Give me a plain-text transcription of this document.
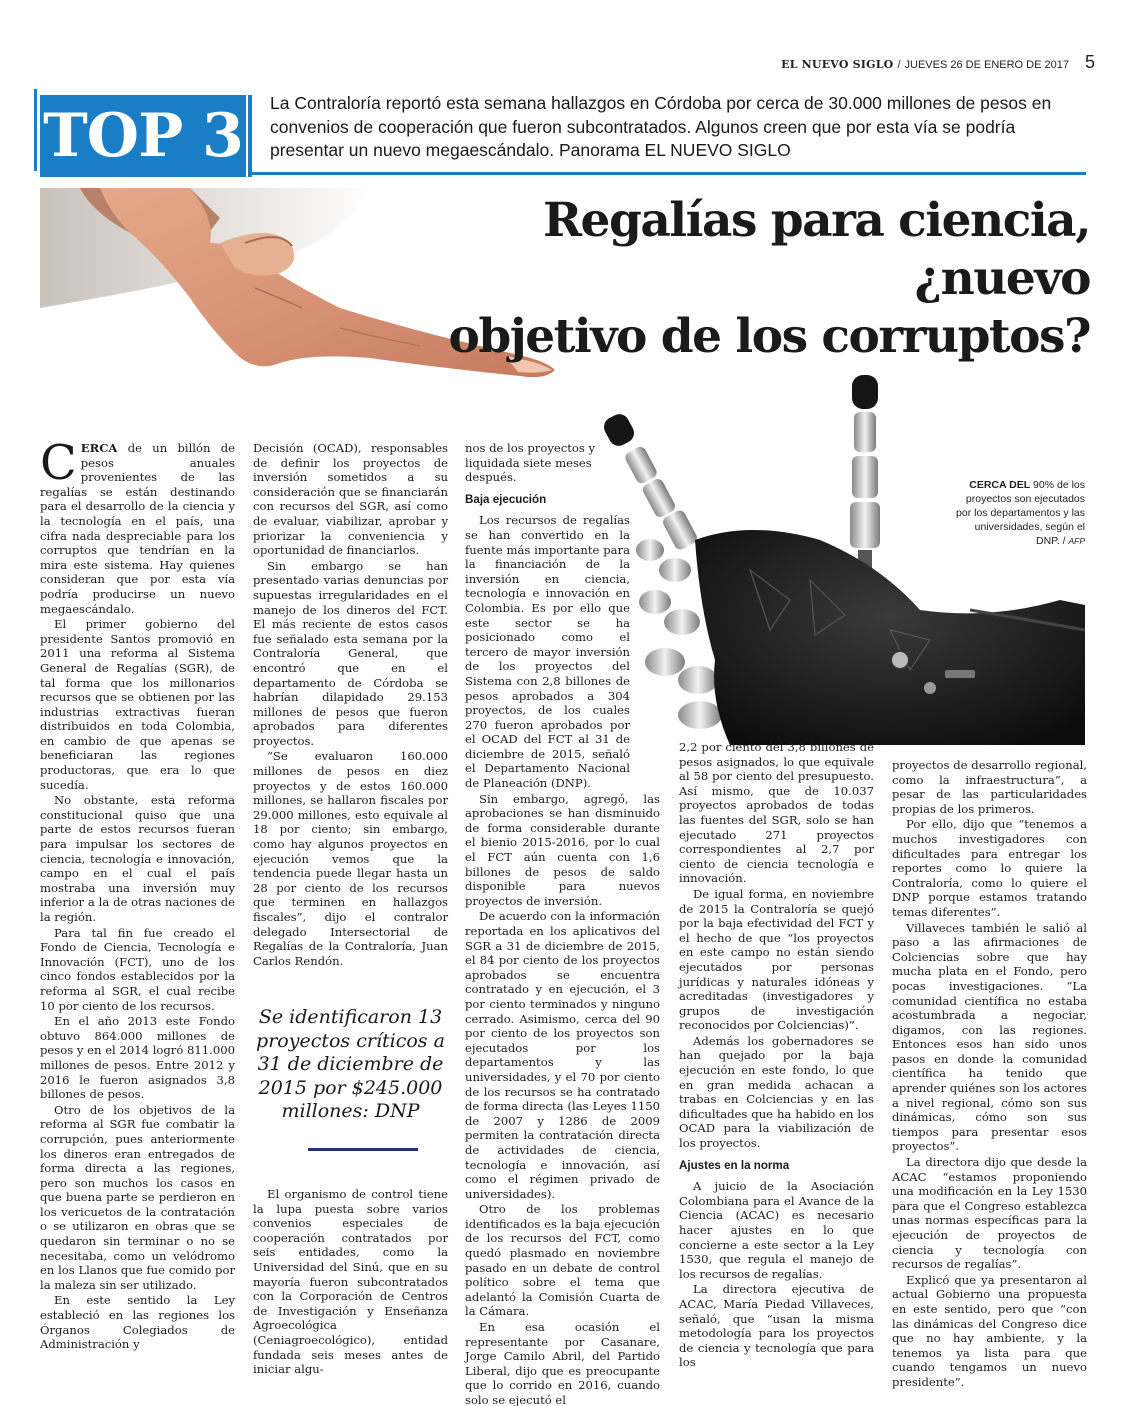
EL NUEVO SIGLO / JUEVES 26 DE ENERO DE 2017 5
TOP 3 La Contraloría reportó esta semana hallazgos en Córdoba por cerca de 30.000 millones de pesos en convenios de cooperación que fueron subcontratados. Algunos creen que por esta vía se podría presentar un nuevo megaescándalo. Panorama EL NUEVO SIGLO
Regalías para ciencia, ¿nuevo
objetivo de los corruptos?
CERCA DEL 90% de los proyectos son ejecutados por los departamentos y las universidades, según el DNP. / AFP

CERCA de un billón de pesos anuales provenientes de las regalías se están destinando para el desarrollo de la ciencia y la tecnología en el país, una cifra nada despreciable para los corruptos que tendrían en la mira este sistema. Hay quienes consideran que por esta vía podría producirse un nuevo megaescándalo.

El primer gobierno del presidente Santos promovió en 2011 una reforma al Sistema General de Regalías (SGR), de tal forma que los millonarios recursos que se obtienen por las industrias extractivas fueran distribuidos en toda Colombia, en cambio de que apenas se beneficiaran las regiones productoras, que era lo que sucedía.

No obstante, esta reforma constitucional quiso que una parte de estos recursos fueran para impulsar los sectores de ciencia, tecnología e innovación, campo en el cual el país mostraba una inversión muy inferior a la de otras naciones de la región.

Para tal fin fue creado el Fondo de Ciencia, Tecnología e Innovación (FCT), uno de los cinco fondos establecidos por la reforma al SGR, el cual recibe 10 por ciento de los recursos.

En el año 2013 este Fondo obtuvo 864.000 millones de pesos y en el 2014 logró 811.000 millones de pesos. Entre 2012 y 2016 le fueron asignados 3,8 billones de pesos.

Otro de los objetivos de la reforma al SGR fue combatir la corrupción, pues anteriormente los dineros eran entregados de forma directa a las regiones, pero son muchos los casos en que buena parte se perdieron en los vericuetos de la contratación o se utilizaron en obras que se quedaron sin terminar o no se necesitaba, como un velódromo en los Llanos que fue comido por la maleza sin ser utilizado.

En este sentido la Ley estableció en las regiones los Órganos Colegiados de Administración y

Decisión (OCAD), responsables de definir los proyectos de inversión sometidos a su consideración que se financiarán con recursos del SGR, así como de evaluar, viabilizar, aprobar y priorizar la conveniencia y oportunidad de financiarlos.

Sin embargo se han presentado varias denuncias por supuestas irregularidades en el manejo de los dineros del FCT. El más reciente de estos casos fue señalado esta semana por la Contraloría General, que encontró que en el departamento de Córdoba se habrían dilapidado 29.153 millones de pesos que fueron aprobados para diferentes proyectos.

“Se evaluaron 160.000 millones de pesos en diez proyectos y de estos 160.000 millones, se hallaron fiscales por 29.000 millones, esto equivale al 18 por ciento; sin embargo, como hay algunos proyectos en ejecución vemos que la tendencia puede llegar hasta un 28 por ciento de los recursos que terminen en hallazgos fiscales”, dijo el contralor delegado Intersectorial de Regalías de la Contraloría, Juan Carlos Rendón.

Se identificaron 13 proyectos críticos a 31 de diciembre de 2015 por $245.000 millones: DNP

El organismo de control tiene la lupa puesta sobre varios convenios especiales de cooperación contratados por seis entidades, como la Universidad del Sinú, que en su mayoría fueron subcontratados con la Corporación de Centros de Investigación y Enseñanza Agroecológica (Ceniagroecológico), entidad fundada seis meses antes de iniciar algu-

nos de los proyectos y liquidada siete meses después.

Baja ejecución

Los recursos de regalías se han convertido en la fuente más importante para la financiación de la inversión en ciencia, tecnología e innovación en Colombia. Es por ello que este sector se ha posicionado como el tercero de mayor inversión de los proyectos del Sistema con 2,8 billones de pesos aprobados a 304 proyectos, de los cuales 270 fueron aprobados por el OCAD del FCT al 31 de diciembre de 2015, señaló el Departamento Nacional de Planeación (DNP).

Sin embargo, agregó, las aprobaciones se han disminuido de forma considerable durante el bienio 2015-2016, por lo cual el FCT aún cuenta con 1,6 billones de pesos de saldo disponible para nuevos proyectos de inversión.

De acuerdo con la información reportada en los aplicativos del SGR a 31 de diciembre de 2015, el 84 por ciento de los proyectos aprobados se encuentra contratado y en ejecución, el 3 por ciento terminados y ninguno cerrado. Asimismo, cerca del 90 por ciento de los proyectos son ejecutados por los departamentos y las universidades, y el 70 por ciento de los recursos se ha contratado de forma directa (las Leyes 1150 de 2007 y 1286 de 2009 permiten la contratación directa de actividades de ciencia, tecnología e innovación, así como el régimen privado de universidades).

Otro de los problemas identificados es la baja ejecución de los recursos del FCT, como quedó plasmado en noviembre pasado en un debate de control político sobre el tema que adelantó la Comisión Cuarta de la Cámara.

En esa ocasión el representante por Casanare, Jorge Camilo Abril, del Partido Liberal, dijo que es preocupante que lo corrido en 2016, cuando solo se ejecutó el

2,2 por ciento del 3,8 billones de pesos asignados, lo que equivale al 58 por ciento del presupuesto. Así mismo, que de 10.037 proyectos aprobados de todas las fuentes del SGR, solo se han ejecutado 271 proyectos correspondientes al 2,7 por ciento de ciencia tecnología e innovación.

De igual forma, en noviembre de 2015 la Contraloría se quejó por la baja efectividad del FCT y el hecho de que “los proyectos en este campo no están siendo ejecutados por personas jurídicas y naturales idóneas y acreditadas (investigadores y grupos de investigación reconocidos por Colciencias)”.

Además los gobernadores se han quejado por la baja ejecución en este fondo, lo que en gran medida achacan a trabas en Colciencias y en las dificultades que ha habido en los OCAD para la viabilización de los proyectos.

Ajustes en la norma

A juicio de la Asociación Colombiana para el Avance de la Ciencia (ACAC) es necesario hacer ajustes en lo que concierne a este sector a la Ley 1530, que regula el manejo de los recursos de regalías.

La directora ejecutiva de ACAC, María Piedad Villaveces, señaló, que “usan la misma metodología para los proyectos de ciencia y tecnología que para los

proyectos de desarrollo regional, como la infraestructura”, a pesar de las particularidades propias de los primeros.

Por ello, dijo que “tenemos a muchos investigadores con dificultades para entregar los reportes como lo quiere la Contraloría, como lo quiere el DNP porque estamos tratando temas diferentes”.

Villaveces también le salió al paso a las afirmaciones de Colciencias sobre que hay mucha plata en el Fondo, pero pocas investigaciones. “La comunidad científica no estaba acostumbrada a negociar, digamos, con las regiones. Entonces esos han sido unos pasos en donde la comunidad científica ha tenido que aprender quiénes son los actores a nivel regional, cómo son sus dinámicas, cómo son sus tiempos para presentar esos proyectos”.

La directora dijo que desde la ACAC “estamos proponiendo una modificación en la Ley 1530 para que el Congreso establezca unas normas específicas para la ejecución de proyectos de ciencia y tecnología con recursos de regalías”.

Explicó que ya presentaron al actual Gobierno una propuesta en este sentido, pero que “con las dinámicas del Congreso dice que no hay ambiente, y la tenemos ya lista para que cuando tengamos un nuevo presidente”.
